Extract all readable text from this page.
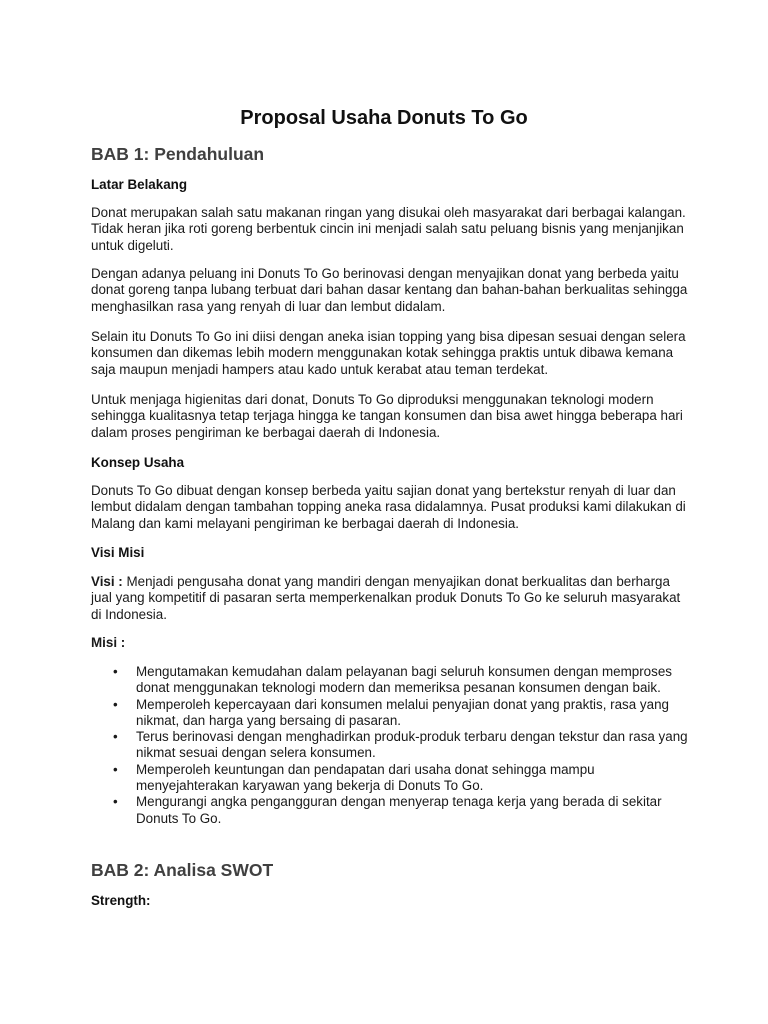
Proposal Usaha Donuts To Go
BAB 1: Pendahuluan
Latar Belakang

Donat merupakan salah satu makanan ringan yang disukai oleh masyarakat dari berbagai kalangan. Tidak heran jika roti goreng berbentuk cincin ini menjadi salah satu peluang bisnis yang menjanjikan untuk digeluti.

Dengan adanya peluang ini Donuts To Go berinovasi dengan menyajikan donat yang berbeda yaitu donat goreng tanpa lubang terbuat dari bahan dasar kentang dan bahan-bahan berkualitas sehingga menghasilkan rasa yang renyah di luar dan lembut didalam.

Selain itu Donuts To Go ini diisi dengan aneka isian topping yang bisa dipesan sesuai dengan selera konsumen dan dikemas lebih modern menggunakan kotak sehingga praktis untuk dibawa kemana saja maupun menjadi hampers atau kado untuk kerabat atau teman terdekat.

Untuk menjaga higienitas dari donat, Donuts To Go diproduksi menggunakan teknologi modern sehingga kualitasnya tetap terjaga hingga ke tangan konsumen dan bisa awet hingga beberapa hari dalam proses pengiriman ke berbagai daerah di Indonesia.

Konsep Usaha

Donuts To Go dibuat dengan konsep berbeda yaitu sajian donat yang bertekstur renyah di luar dan lembut didalam dengan tambahan topping aneka rasa didalamnya. Pusat produksi kami dilakukan di Malang dan kami melayani pengiriman ke berbagai daerah di Indonesia.

Visi Misi

Visi : Menjadi pengusaha donat yang mandiri dengan menyajikan donat berkualitas dan berharga jual yang kompetitif di pasaran serta memperkenalkan produk Donuts To Go ke seluruh masyarakat di Indonesia.

Misi :

• Mengutamakan kemudahan dalam pelayanan bagi seluruh konsumen dengan memproses donat menggunakan teknologi modern dan memeriksa pesanan konsumen dengan baik.
• Memperoleh kepercayaan dari konsumen melalui penyajian donat yang praktis, rasa yang nikmat, dan harga yang bersaing di pasaran.
• Terus berinovasi dengan menghadirkan produk-produk terbaru dengan tekstur dan rasa yang nikmat sesuai dengan selera konsumen.
• Memperoleh keuntungan dan pendapatan dari usaha donat sehingga mampu menyejahterakan karyawan yang bekerja di Donuts To Go.
• Mengurangi angka pengangguran dengan menyerap tenaga kerja yang berada di sekitar Donuts To Go.
BAB 2: Analisa SWOT
Strength:
